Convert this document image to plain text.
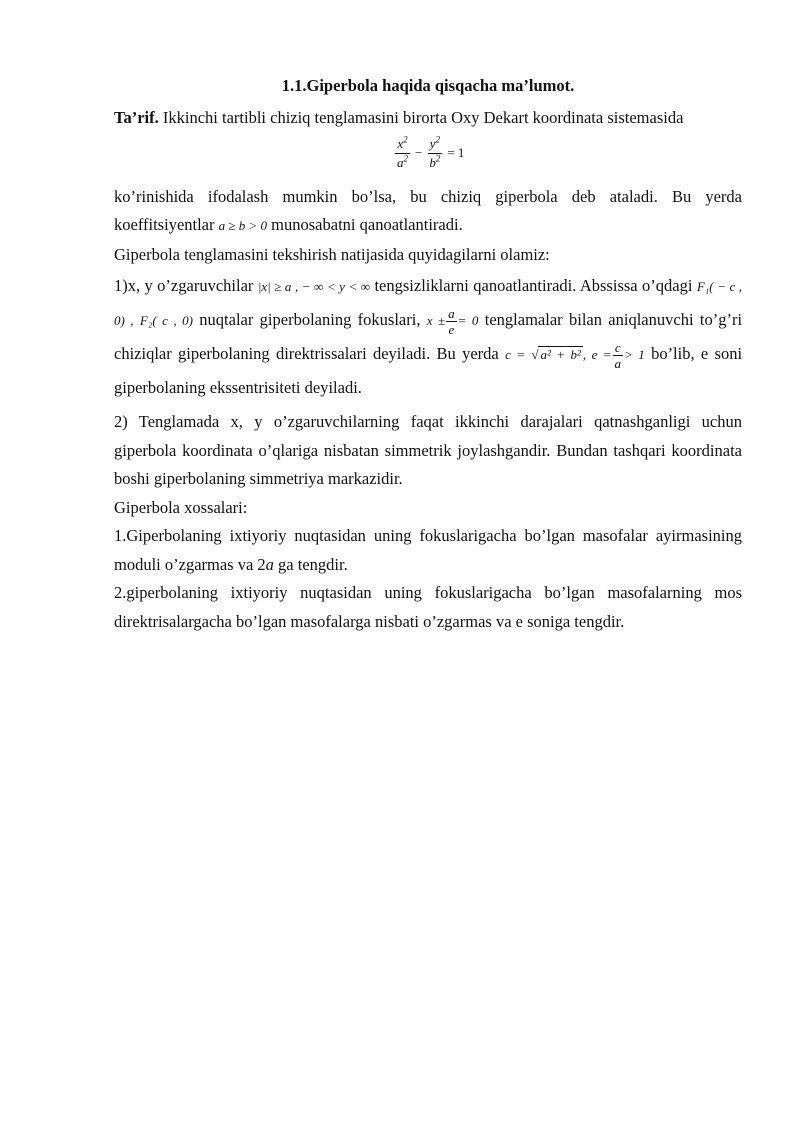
1.1.Giperbola haqida qisqacha ma’lumot.

Ta’rif. Ikkinchi tartibli chiziq tenglamasini birorta Oxy Dekart koordinata sistemasida

$\frac{x^2}{a^2} - \frac{y^2}{b^2} = 1$

ko’rinishida ifodalash mumkin bo’lsa, bu chiziq giperbola deb ataladi. Bu yerda koeffitsiyentlar a ≥ b > 0 munosabatni qanoatlantiradi.

Giperbola tenglamasini tekshirish natijasida quyidagilarni olamiz:

1)x, y o’zgaruvchilar |x| ≥ a , − ∞ < y < ∞ tengsizliklarni qanoatlantiradi. Abssissa o’qdagi F₁( − c , 0) , F₂( c , 0) nuqtalar giperbolaning fokuslari, $x \pm \frac{a}{e} = 0$ tenglamalar bilan aniqlanuvchi to’g’ri chiziqlar giperbolaning direktrissalari deyiladi. Bu yerda c = √ a² + b² , $e = \frac{c}{a} > 1$ bo’lib, e soni giperbolaning ekssentrisiteti deyiladi.

2) Tenglamada x, y o’zgaruvchilarning faqat ikkinchi darajalari qatnashganligi uchun giperbola koordinata o’qlariga nisbatan simmetrik joylashgandir. Bundan tashqari koordinata boshi giperbolaning simmetriya markazidir.

Giperbola xossalari:

1.Giperbolaning ixtiyoriy nuqtasidan uning fokuslarigacha bo’lgan masofalar ayirmasining moduli o’zgarmas va 2a ga tengdir.

2.giperbolaning ixtiyoriy nuqtasidan uning fokuslarigacha bo’lgan masofalarning mos direktrisalargacha bo’lgan masofalarga nisbati o’zgarmas va e soniga tengdir.
